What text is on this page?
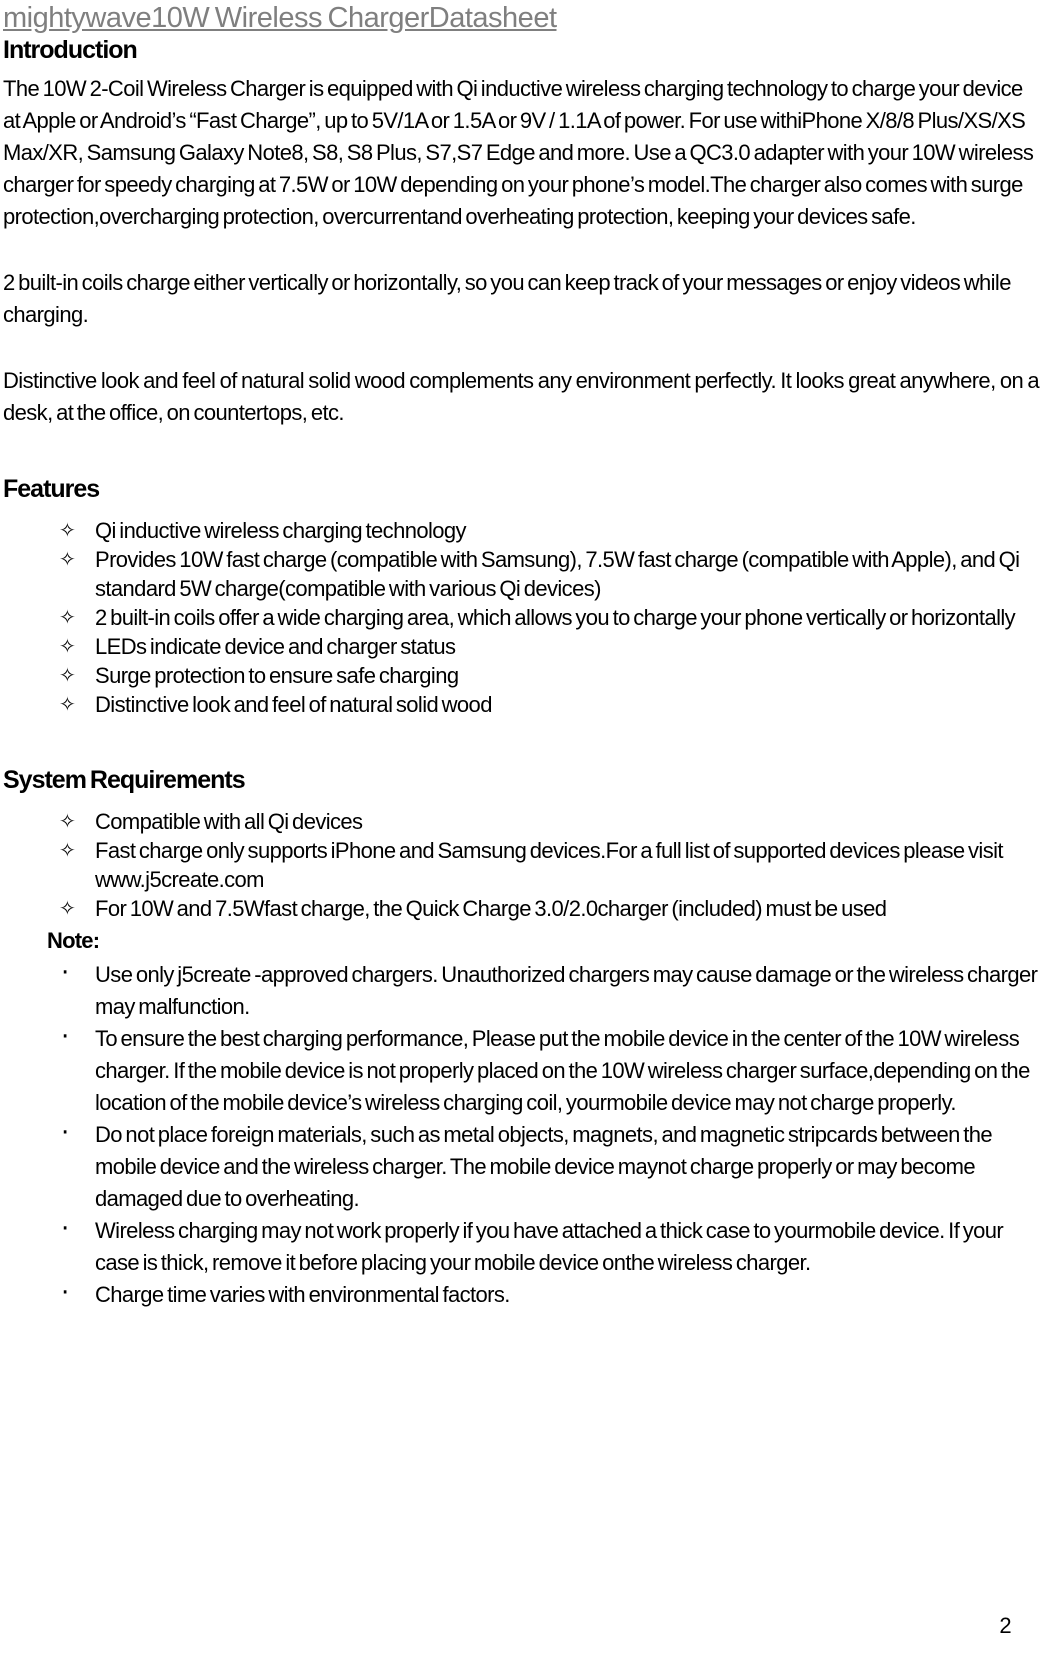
mightywave10W Wireless ChargerDatasheet
Introduction

The 10W 2-Coil Wireless Charger is equipped with Qi inductive wireless charging technology to charge your device at Apple or Android’s “Fast Charge”, up to 5V/1A or 1.5A or 9V / 1.1A of power. For use withiPhone X/8/8 Plus/XS/XS Max/XR, Samsung Galaxy Note8, S8, S8 Plus, S7,S7 Edge and more. Use a QC3.0 adapter with your 10W wireless charger for speedy charging at 7.5W or 10W depending on your phone’s model.The charger also comes with surge protection,overcharging protection, overcurrentand overheating protection, keeping your devices safe.

2 built-in coils charge either vertically or horizontally, so you can keep track of your messages or enjoy videos while charging.

Distinctive look and feel of natural solid wood complements any environment perfectly. It looks great anywhere, on a desk, at the office, on countertops, etc.

Features
✧ Qi inductive wireless charging technology
✧ Provides 10W fast charge (compatible with Samsung), 7.5W fast charge (compatible with Apple), and Qi standard 5W charge(compatible with various Qi devices)
✧ 2 built-in coils offer a wide charging area, which allows you to charge your phone vertically or horizontally
✧ LEDs indicate device and charger status
✧ Surge protection to ensure safe charging
✧ Distinctive look and feel of natural solid wood
System Requirements
✧ Compatible with all Qi devices
✧ Fast charge only supports iPhone and Samsung devices.For a full list of supported devices please visit www.j5create.com
✧ For 10W and 7.5Wfast charge, the Quick Charge 3.0/2.0charger (included) must be used

Note:

· Use only j5create -approved chargers. Unauthorized chargers may cause damage or the wireless charger may malfunction.
· To ensure the best charging performance, Please put the mobile device in the center of the 10W wireless charger. If the mobile device is not properly placed on the 10W wireless charger surface,depending on the location of the mobile device’s wireless charging coil, yourmobile device may not charge properly.
· Do not place foreign materials, such as metal objects, magnets, and magnetic stripcards between the mobile device and the wireless charger. The mobile device maynot charge properly or may become damaged due to overheating.
· Wireless charging may not work properly if you have attached a thick case to yourmobile device. If your case is thick, remove it before placing your mobile device onthe wireless charger.
· Charge time varies with environmental factors.
2
